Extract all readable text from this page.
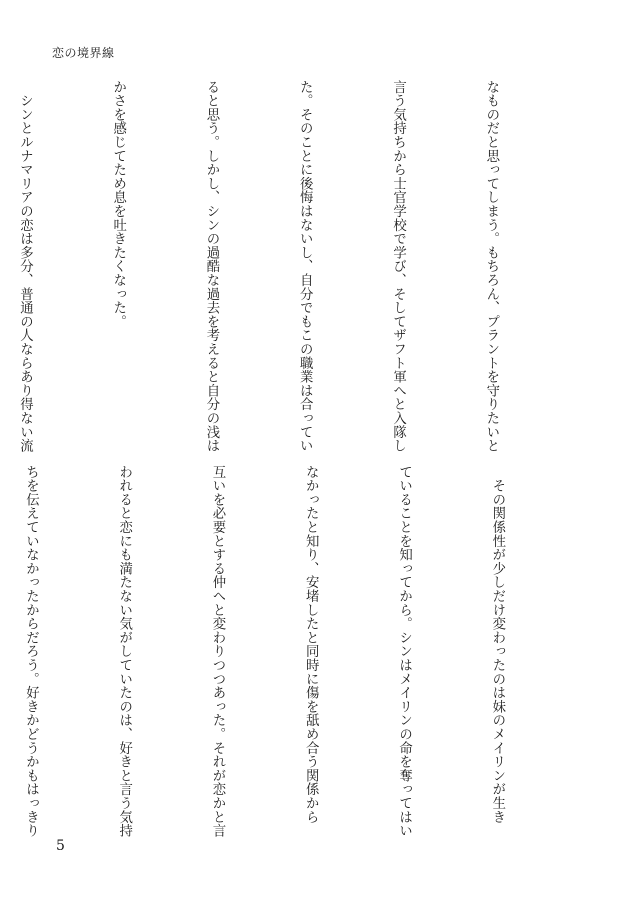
恋の境界線

なものだと思ってしまう。もちろん、プラントを守りたいと

言う気持ちから士官学校で学び、そしてザフト軍へと入隊し

た。そのことに後悔はないし、自分でもこの職業は合ってい

ると思う。しかし、シンの過酷な過去を考えると自分の浅は

かさを感じてため息を吐きたくなった。

　シンとルナマリアの恋は多分、普通の人ならあり得ない流

　その関係性が少しだけ変わったのは妹のメイリンが生き

ていることを知ってから。シンはメイリンの命を奪ってはい

なかったと知り、安堵したと同時に傷を舐め合う関係から

互いを必要とする仲へと変わりつつあった。それが恋かと言

われると恋にも満たない気がしていたのは、好きと言う気持

ちを伝えていなかったからだろう。好きかどうかもはっきり

5
